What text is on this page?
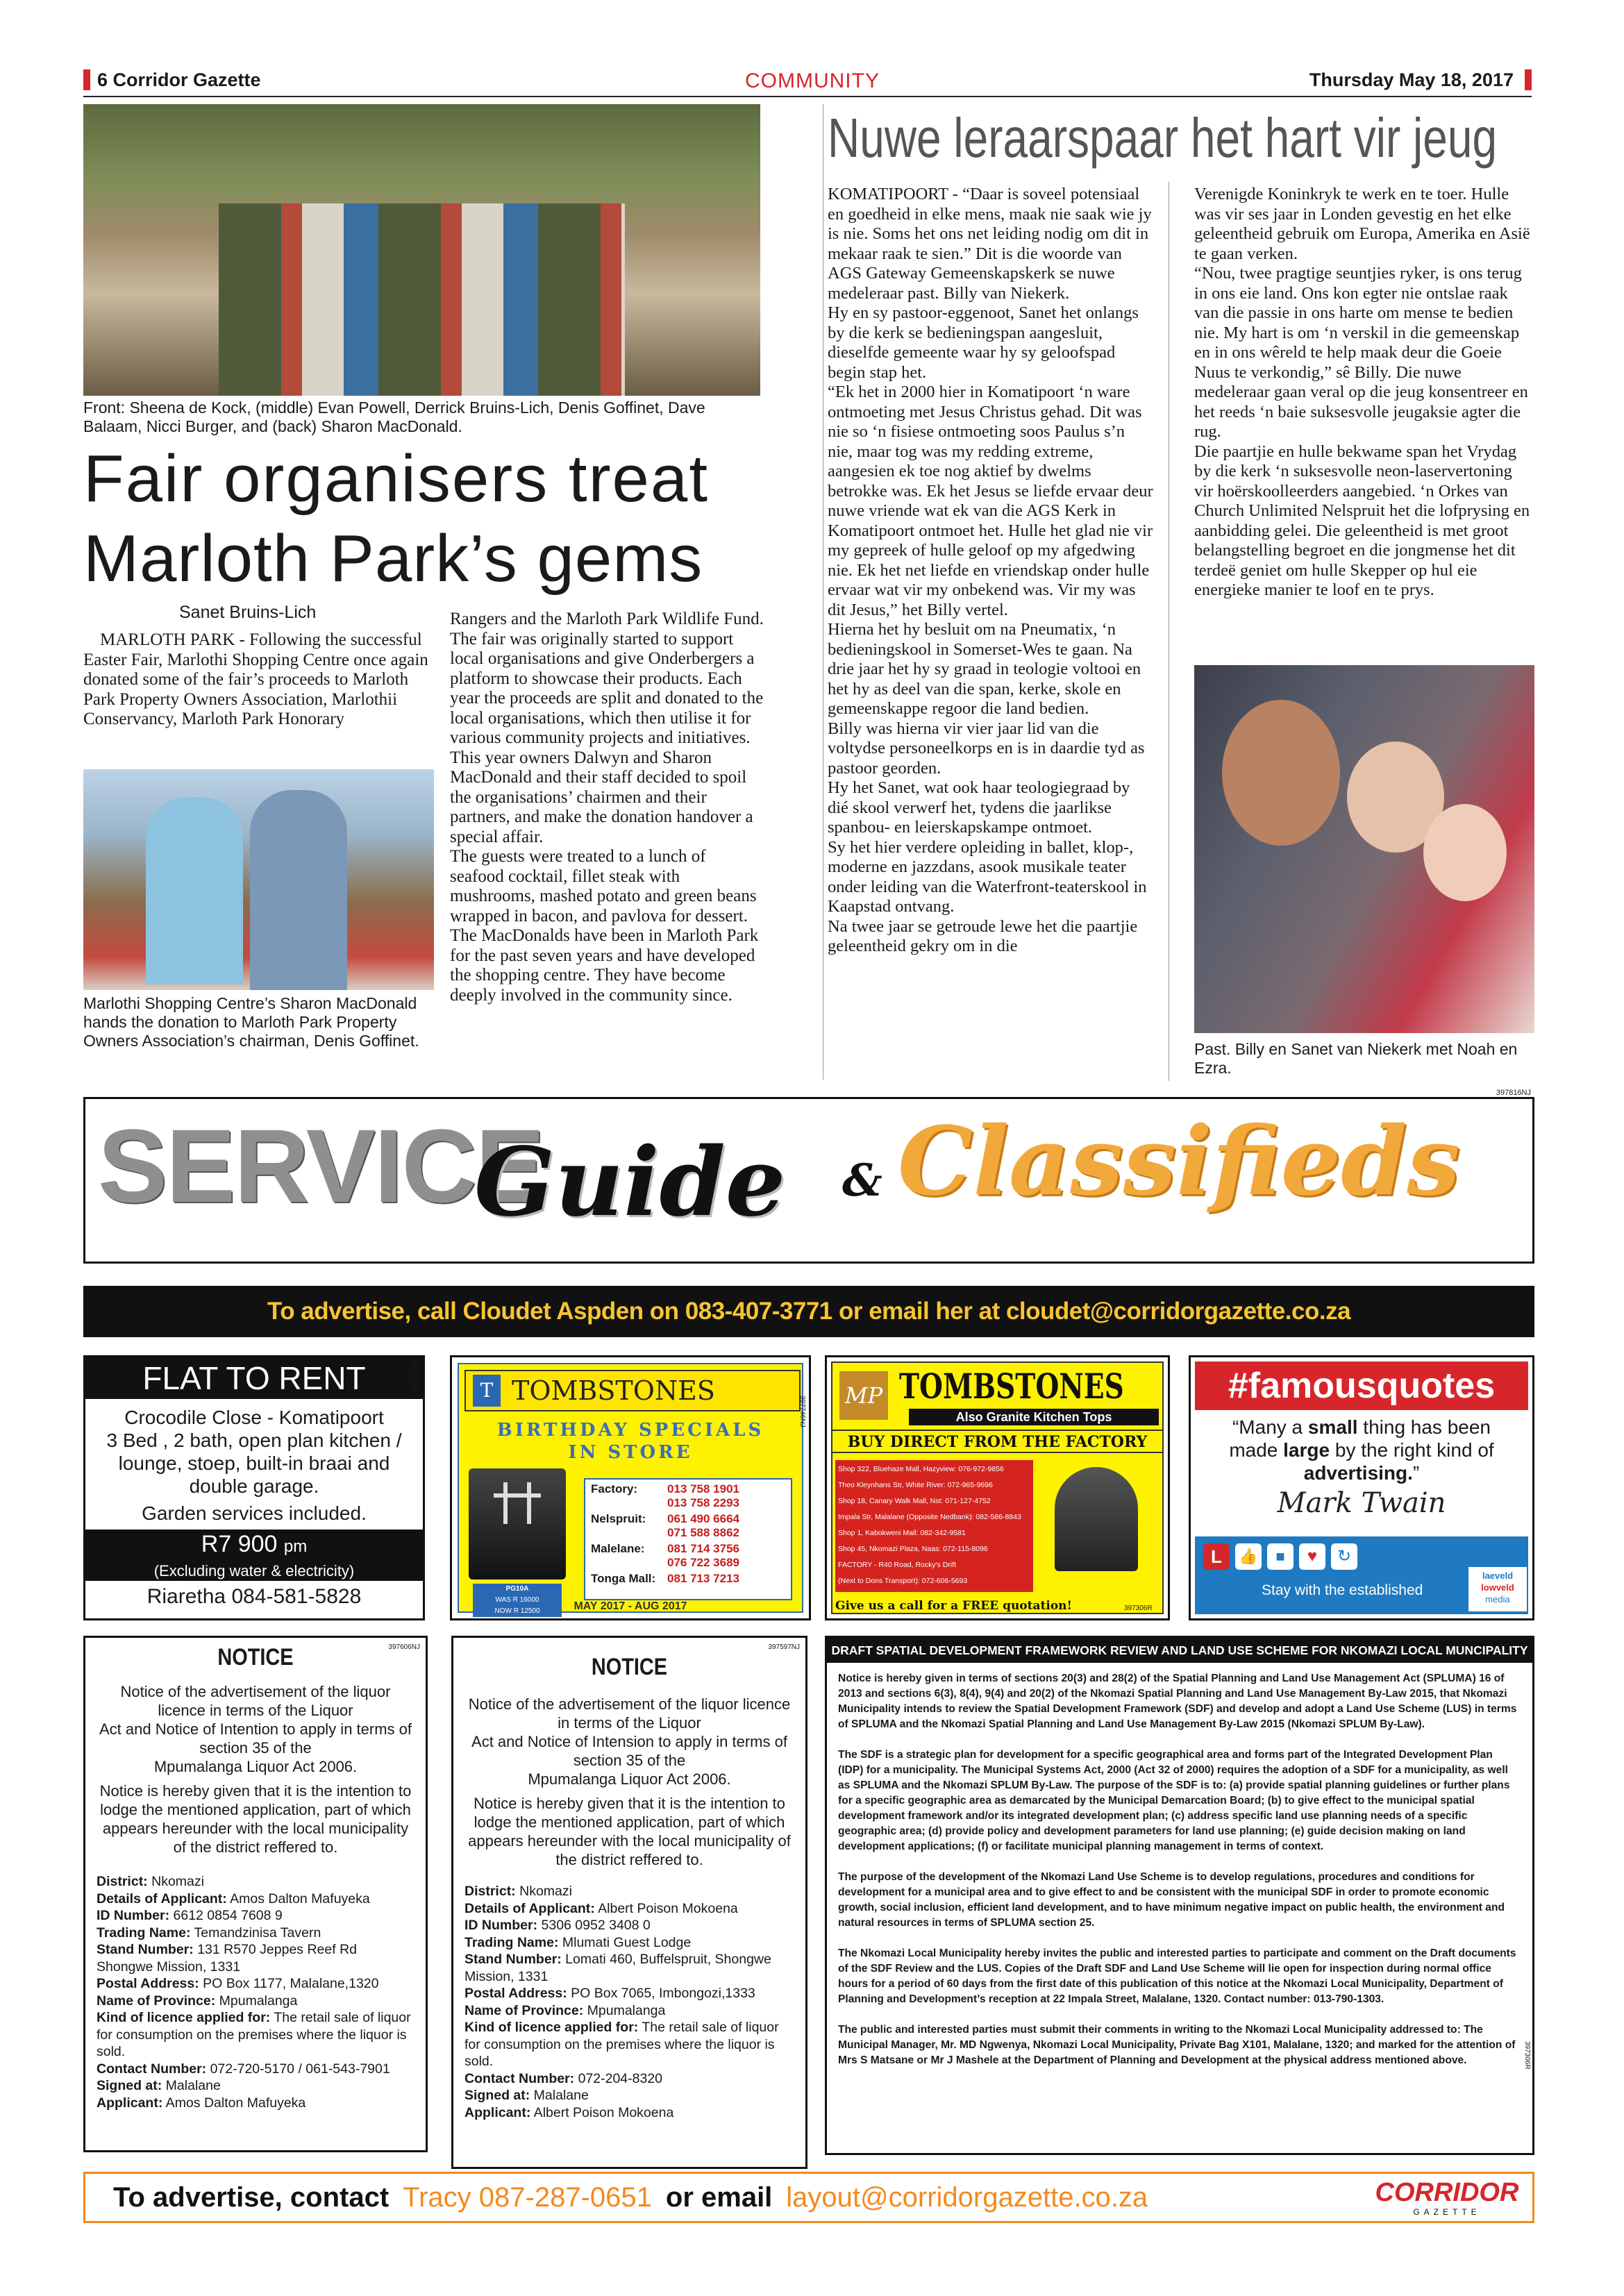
6 Corridor Gazette	COMMUNITY	Thursday May 18, 2017
Front: Sheena de Kock, (middle) Evan Powell, Derrick Bruins-Lich, Denis Goffinet, Dave Balaam, Nicci Burger, and (back) Sharon MacDonald.
Fair organisers treat
Marloth Park’s gems
Sanet Bruins-Lich
MARLOTH PARK - Following the successful Easter Fair, Marlothi Shopping Centre once again donated some of the fair’s proceeds to Marloth Park Property Owners Association, Marlothii Conservancy, Marloth Park Honorary
Marlothi Shopping Centre’s Sharon MacDonald hands the donation to Marloth Park Property Owners Association’s chairman, Denis Goffinet.
Rangers and the Marloth Park Wildlife Fund. The fair was originally started to support local organisations and give Onderbergers a platform to showcase their products. Each year the proceeds are split and donated to the local organisations, which then utilise it for various community projects and initiatives.
This year owners Dalwyn and Sharon MacDonald and their staff decided to spoil the organisations’ chairmen and their partners, and make the donation handover a special affair.
The guests were treated to a lunch of seafood cocktail, fillet steak with mushrooms, mashed potato and green beans wrapped in bacon, and pavlova for dessert.
The MacDonalds have been in Marloth Park for the past seven years and have developed the shopping centre. They have become deeply involved in the community since.
Nuwe leraarspaar het hart vir jeug
KOMATIPOORT - “Daar is soveel potensiaal en goedheid in elke mens, maak nie saak wie jy is nie. Soms het ons net leiding nodig om dit in mekaar raak te sien.” Dit is die woorde van AGS Gateway Gemeenskapskerk se nuwe medeleraar past. Billy van Niekerk.
Hy en sy pastoor-eggenoot, Sanet het onlangs by die kerk se bedieningspan aangesluit, dieselfde gemeente waar hy sy geloofspad begin stap het.
“Ek het in 2000 hier in Komatipoort ‘n ware ontmoeting met Jesus Christus gehad. Dit was nie so ‘n fisiese ontmoeting soos Paulus s’n nie, maar tog was my redding extreme, aangesien ek toe nog aktief by dwelms betrokke was. Ek het Jesus se liefde ervaar deur nuwe vriende wat ek van die AGS Kerk in Komatipoort ontmoet het. Hulle het glad nie vir my gepreek of hulle geloof op my afgedwing nie. Ek het net liefde en vriendskap onder hulle ervaar wat vir my onbekend was. Vir my was dit Jesus,” het Billy vertel.
Hierna het hy besluit om na Pneumatix, ‘n bedieningskool in Somerset-Wes te gaan. Na drie jaar het hy sy graad in teologie voltooi en het hy as deel van die span, kerke, skole en gemeenskappe regoor die land bedien.
Billy was hierna vir vier jaar lid van die voltydse personeelkorps en is in daardie tyd as pastoor georden.
Hy het Sanet, wat ook haar teologiegraad by dié skool verwerf het, tydens die jaarlikse spanbou- en leierskapskampe ontmoet.
Sy het hier verdere opleiding in ballet, klop-, moderne en jazzdans, asook musikale teater onder leiding van die Waterfront-teaterskool in Kaapstad ontvang.
Na twee jaar se getroude lewe het die paartjie geleentheid gekry om in die
Verenigde Koninkryk te werk en te toer. Hulle was vir ses jaar in Londen gevestig en het elke geleentheid gebruik om Europa, Amerika en Asië te gaan verken.
“Nou, twee pragtige seuntjies ryker, is ons terug in ons eie land. Ons kon egter nie ontslae raak van die passie in ons harte om mense te bedien nie. My hart is om ‘n verskil in die gemeenskap en in ons wêreld te help maak deur die Goeie Nuus te verkondig,” sê Billy. Die nuwe medeleraar gaan veral op die jeug konsentreer en het reeds ‘n baie suksesvolle jeugaksie agter die rug.
Die paartjie en hulle bekwame span het Vrydag by die kerk ‘n suksesvolle neon-laservertoning vir hoërskoolleerders aangebied. ‘n Orkes van Church Unlimited Nelspruit het die lofprysing en aanbidding gelei. Die geleentheid is met groot belangstelling begroet en die jongmense het dit terdeë geniet om hulle Skepper op hul eie energieke manier te loof en te prys.
Past. Billy en Sanet van Niekerk met Noah en Ezra.
397816NJ
SERVICE
Guide & Classifieds
To advertise, call Cloudet Aspden on 083-407-3771 or email her at cloudet@corridorgazette.co.za
FLAT TO RENT
Crocodile Close - Komatipoort
3 Bed , 2 bath, open plan kitchen / lounge, stoep, built-in braai and double garage.
Garden services included.
R7 900 pm
(Excluding water & electricity)
Riaretha 084-581-5828
397772NJ	T TOMBSTONES
BIRTHDAY SPECIALS
IN STORE
PG10A
WAS R 16000
NOW R 12500
Factory:	013 758 1901
013 758 2293
Nelspruit:	061 490 6664
071 588 8862
Malelane:	081 714 3756
076 722 3689
Tonga Mall: 081 713 7213
MAY 2017 - AUG 2017
397746NJ MP TOMBSTONES
Also Granite Kitchen Tops
BUY DIRECT FROM THE FACTORY
Shop 322, Bluehaze Mall, Hazyview: 076-972-9856
Theo Kleynhans Str, White River: 072-965-9696
Shop 18, Canary Walk Mall, Nst: 071-127-4752
Impala Str, Malalane (Opposite Nedbank): 082-586-8843
Shop 1, Kabokweni Mall: 082-342-9581
Shop 45, Nkomazi Plaza, Naas: 072-115-8096
FACTORY - R40 Road, Rocky's Drift
(Next to Dons Transport): 072-606-5693
Give us a call for a FREE quotation!	397306R
#famousquotes
“Many a small thing has been made large by the right kind of advertising.”
Mark Twain
L	👍	■	♥	↻
Stay with the established
laeveld
lowveld
media
397606NJ
NOTICE
Notice of the advertisement of the liquor licence in terms of the Liquor
Act and Notice of Intention to apply in terms of section 35 of the
Mpumalanga Liquor Act 2006.
Notice is hereby given that it is the intention to lodge the mentioned application, part of which appears hereunder with the local municipality of the district reffered to.
District: Nkomazi
Details of Applicant: Amos Dalton Mafuyeka
ID Number: 6612 0854 7608 9
Trading Name: Temandzinisa Tavern
Stand Number: 131 R570 Jeppes Reef Rd Shongwe Mission, 1331
Postal Address: PO Box 1177, Malalane,1320
Name of Province: Mpumalanga
Kind of licence applied for: The retail sale of liquor for consumption on the premises where the liquor is sold.
Contact Number: 072-720-5170 / 061-543-7901
Signed at: Malalane
Applicant: Amos Dalton Mafuyeka
397597NJ
NOTICE
Notice of the advertisement of the liquor licence in terms of the Liquor
Act and Notice of Intension to apply in terms of section 35 of the
Mpumalanga Liquor Act 2006.
Notice is hereby given that it is the intention to lodge the mentioned application, part of which appears hereunder with the local municipality of the district reffered to.
District: Nkomazi
Details of Applicant: Albert Poison Mokoena
ID Number: 5306 0952 3408 0
Trading Name: Mlumati Guest Lodge
Stand Number: Lomati 460, Buffelspruit, Shongwe Mission, 1331
Postal Address: PO Box 7065, Imbongozi,1333
Name of Province: Mpumalanga
Kind of licence applied for: The retail sale of liquor for consumption on the premises where the liquor is sold.
Contact Number: 072-204-8320
Signed at: Malalane
Applicant: Albert Poison Mokoena
DRAFT SPATIAL DEVELOPMENT FRAMEWORK REVIEW AND LAND USE SCHEME FOR NKOMAZI LOCAL MUNCIPALITY
Notice is hereby given in terms of sections 20(3) and 28(2) of the Spatial Planning and Land Use Management Act (SPLUMA) 16 of 2013 and sections 6(3), 8(4), 9(4) and 20(2) of the Nkomazi Spatial Planning and Land Use Management By-Law 2015, that Nkomazi Municipality intends to review the Spatial Development Framework (SDF) and develop and adopt a Land Use Scheme (LUS) in terms of SPLUMA and the Nkomazi Spatial Planning and Land Use Management By-Law 2015 (Nkomazi SPLUM By-Law).
The SDF is a strategic plan for development for a specific geographical area and forms part of the Integrated Development Plan (IDP) for a municipality. The Municipal Systems Act, 2000 (Act 32 of 2000) requires the adoption of a SDF for a municipality, as well as SPLUMA and the Nkomazi SPLUM By-Law. The purpose of the SDF is to: (a) provide spatial planning guidelines or further plans for a specific geographic area as demarcated by the Municipal Demarcation Board; (b) to give effect to the municipal spatial development framework and/or its integrated development plan; (c) address specific land use planning needs of a specific geographic area; (d) provide policy and development parameters for land use planning; (e) guide decision making on land development applications; (f) or facilitate municipal planning management in terms of context.
The purpose of the development of the Nkomazi Land Use Scheme is to develop regulations, procedures and conditions for development for a municipal area and to give effect to and be consistent with the municipal SDF in order to promote economic growth, social inclusion, efficient land development, and to have minimum negative impact on public health, the environment and natural resources in terms of SPLUMA section 25.
The Nkomazi Local Municipality hereby invites the public and interested parties to participate and comment on the Draft documents of the SDF Review and the LUS. Copies of the Draft SDF and Land Use Scheme will lie open for inspection during normal office hours for a period of 60 days from the first date of this publication of this notice at the Nkomazi Local Municipality, Department of Planning and Development’s reception at 22 Impala Street, Malalane, 1320. Contact number: 013-790-1303.
The public and interested parties must submit their comments in writing to the Nkomazi Local Municipality addressed to: The Municipal Manager, Mr. MD Ngwenya, Nkomazi Local Municipality, Private Bag X101, Malalane, 1320; and marked for the attention of Mrs S Matsane or Mr J Mashele at the Department of Planning and Development at the physical address mentioned above.	397306R
To advertise, contact Tracy 087-287-0651 or email layout@corridorgazette.co.za	CORRIDOR
GAZETTE
